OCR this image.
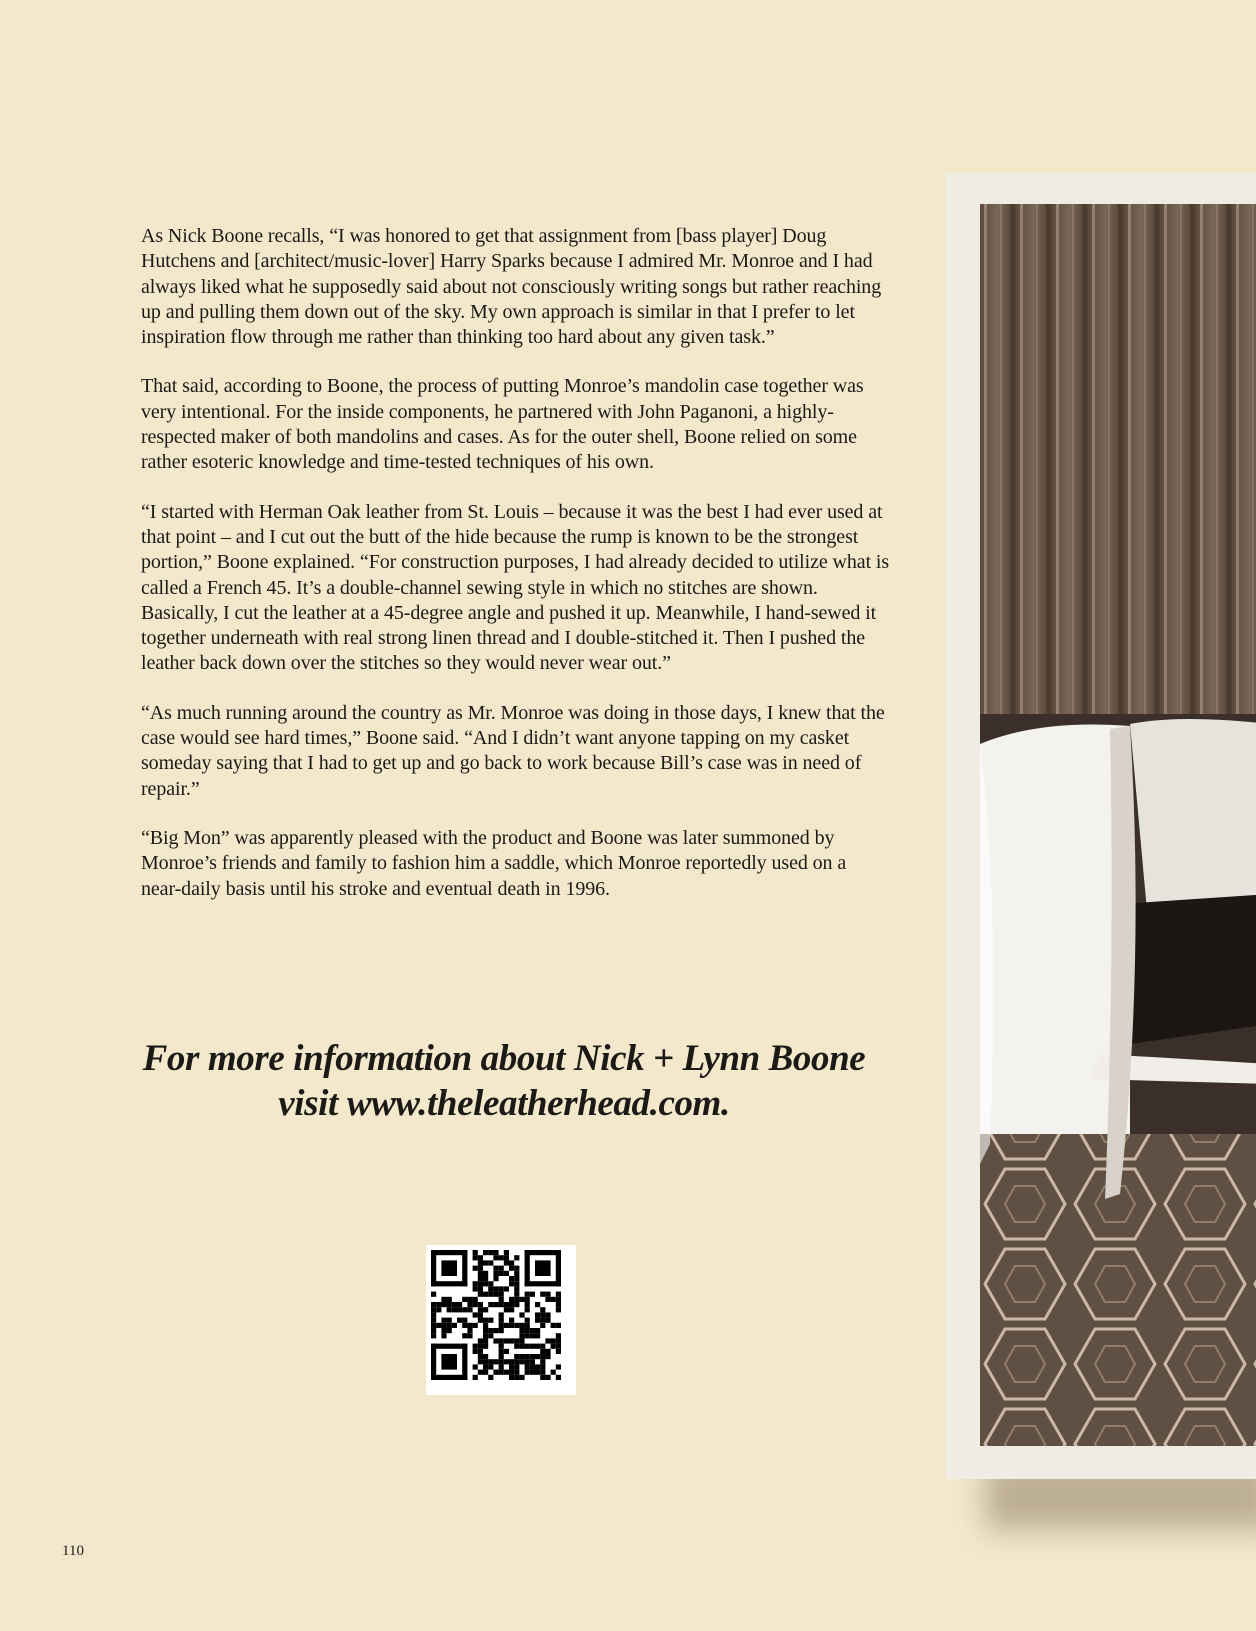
As Nick Boone recalls, “I was honored to get that assignment from [bass player] Doug Hutchens and [architect/music-lover] Harry Sparks because I admired Mr. Monroe and I had always liked what he supposedly said about not consciously writing songs but rather reaching up and pulling them down out of the sky. My own approach is similar in that I prefer to let inspiration flow through me rather than thinking too hard about any given task.”

That said, according to Boone, the process of putting Monroe’s mandolin case together was very intentional. For the inside components, he partnered with John Paganoni, a highly-respected maker of both mandolins and cases. As for the outer shell, Boone relied on some rather esoteric knowledge and time-tested techniques of his own.

“I started with Herman Oak leather from St. Louis – because it was the best I had ever used at that point – and I cut out the butt of the hide because the rump is known to be the strongest portion,” Boone explained. “For construction purposes, I had already decided to utilize what is called a French 45. It’s a double-channel sewing style in which no stitches are shown. Basically, I cut the leather at a 45-degree angle and pushed it up. Meanwhile, I hand-sewed it together underneath with real strong linen thread and I double-stitched it. Then I pushed the leather back down over the stitches so they would never wear out.”

“As much running around the country as Mr. Monroe was doing in those days, I knew that the case would see hard times,” Boone said. “And I didn’t want anyone tapping on my casket someday saying that I had to get up and go back to work because Bill’s case was in need of repair.”

“Big Mon” was apparently pleased with the product and Boone was later summoned by Monroe’s friends and family to fashion him a saddle, which Monroe reportedly used on a near-daily basis until his stroke and eventual death in 1996.

For more information about Nick + Lynn Boone
visit www.theleatherhead.com.

110
